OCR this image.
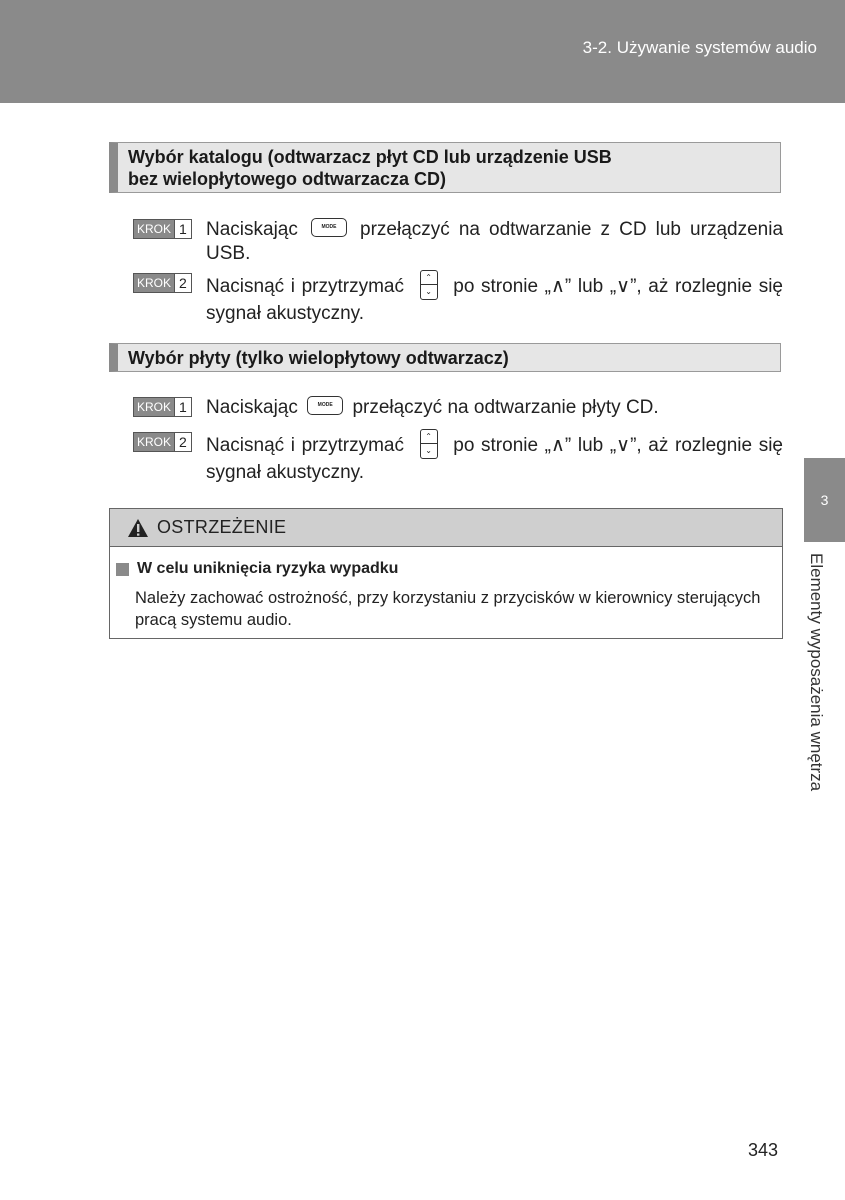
3-2. Używanie systemów audio
Wybór katalogu (odtwarzacz płyt CD lub urządzenie USB
bez wielopłytowego odtwarzacza CD)
KROK 1 Naciskając	MODE przełączyć na odtwarzanie z CD lub urządzenia USB.
KROK 2 Nacisnąć i przytrzymać	⌃
⌄ po stronie „∧” lub „∨”, aż rozlegnie się sygnał akustyczny.
Wybór płyty (tylko wielopłytowy odtwarzacz)
KROK 1 Naciskając	MODE przełączyć na odtwarzanie płyty CD.
KROK 2 Nacisnąć i przytrzymać	⌃
⌄ po stronie „∧” lub „∨”, aż rozlegnie się sygnał akustyczny.
OSTRZEŻENIE
W celu uniknięcia ryzyka wypadku
Należy zachować ostrożność, przy korzystaniu z przycisków w kierownicy sterujących pracą systemu audio.
3
Elementy wyposażenia wnętrza
343
